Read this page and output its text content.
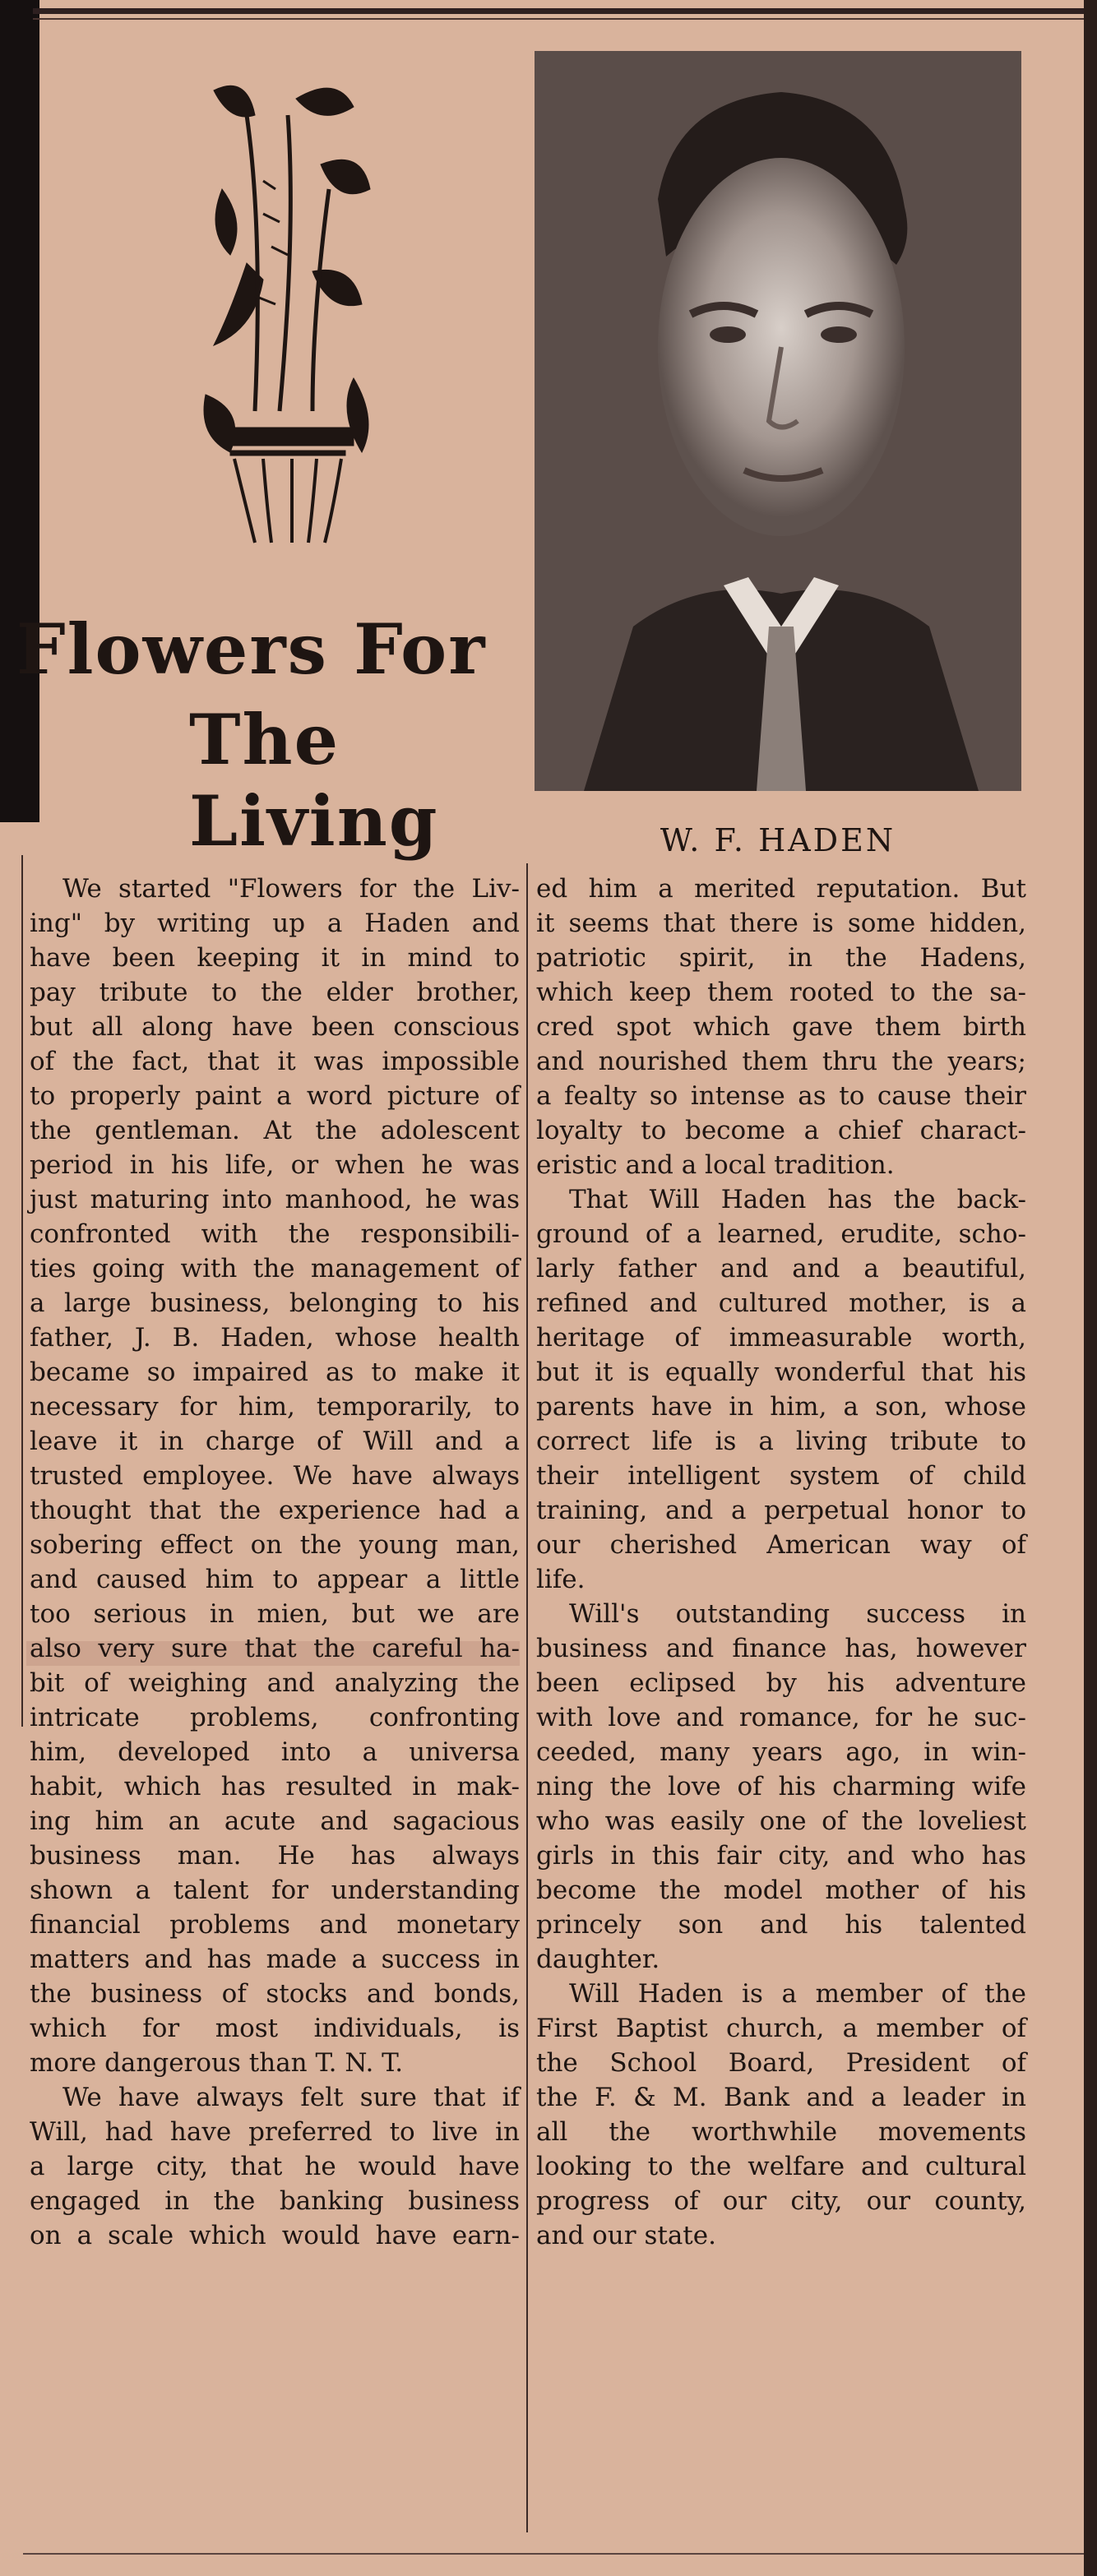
Flowers For
The Living	W. F. HADEN
We started "Flowers for the Liv-
ing" by writing up a Haden and
have been keeping it in mind to
pay tribute to the elder brother,
but all along have been conscious
of the fact, that it was impossible
to properly paint a word picture of
the gentleman. At the adolescent
period in his life, or when he was
just maturing into manhood, he was
confronted with the responsibili-
ties going with the management of
a large business, belonging to his
father, J. B. Haden, whose health
became so impaired as to make it
necessary for him, temporarily, to
leave it in charge of Will and a
trusted employee. We have always
thought that the experience had a
sobering effect on the young man,
and caused him to appear a little
too serious in mien, but we are
also very sure that the careful ha-
bit of weighing and analyzing the
intricate problems, confronting
him, developed into a universa
habit, which has resulted in mak-
ing him an acute and sagacious
business man. He has always
shown a talent for understanding
financial problems and monetary
matters and has made a success in
the business of stocks and bonds,
which for most individuals, is
more dangerous than T. N. T.
We have always felt sure that if
Will, had have preferred to live in
a large city, that he would have
engaged in the banking business
on a scale which would have earn-
ed him a merited reputation. But
it seems that there is some hidden,
patriotic spirit, in the Hadens,
which keep them rooted to the sa-
cred spot which gave them birth
and nourished them thru the years;
a fealty so intense as to cause their
loyalty to become a chief charact-
eristic and a local tradition.
That Will Haden has the back-
ground of a learned, erudite, scho-
larly father and and a beautiful,
refined and cultured mother, is a
heritage of immeasurable worth,
but it is equally wonderful that his
parents have in him, a son, whose
correct life is a living tribute to
their intelligent system of child
training, and a perpetual honor to
our cherished American way of
life.
Will's outstanding success in
business and finance has, however
been eclipsed by his adventure
with love and romance, for he suc-
ceeded, many years ago, in win-
ning the love of his charming wife
who was easily one of the loveliest
girls in this fair city, and who has
become the model mother of his
princely son and his talented
daughter.
Will Haden is a member of the
First Baptist church, a member of
the School Board, President of
the F. & M. Bank and a leader in
all the worthwhile movements
looking to the welfare and cultural
progress of our city, our county,
and our state.
